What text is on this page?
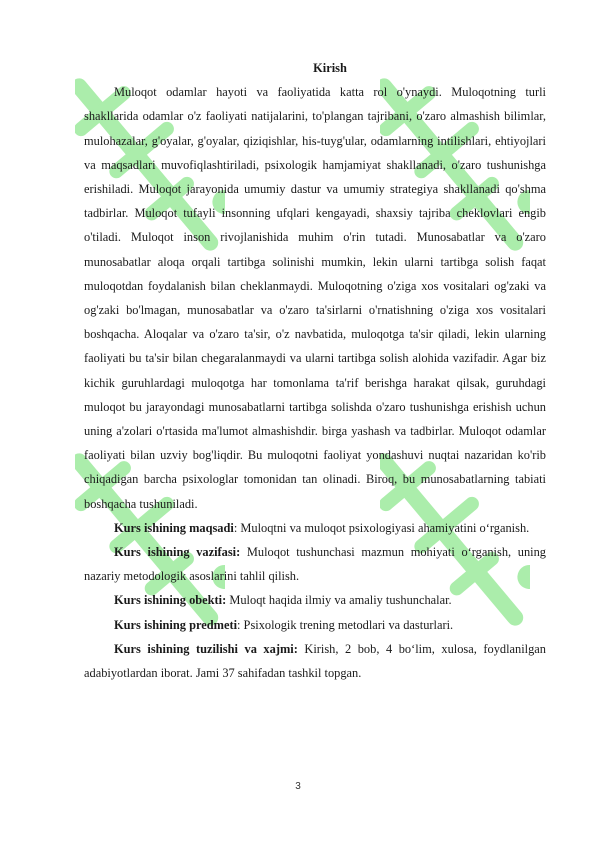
Kirish

Muloqot odamlar hayoti va faoliyatida katta rol o'ynaydi. Muloqotning turli shakllarida odamlar o'z faoliyati natijalarini, to'plangan tajribani, o'zaro almashish bilimlar, mulohazalar, g'oyalar, g'oyalar, qiziqishlar, his-tuyg'ular, odamlarning intilishlari, ehtiyojlari va maqsadlari muvofiqlashtiriladi, psixologik hamjamiyat shakllanadi, o'zaro tushunishga erishiladi. Muloqot jarayonida umumiy dastur va umumiy strategiya shakllanadi qo'shma tadbirlar. Muloqot tufayli insonning ufqlari kengayadi, shaxsiy tajriba cheklovlari engib o'tiladi. Muloqot inson rivojlanishida muhim o'rin tutadi. Munosabatlar va o'zaro munosabatlar aloqa orqali tartibga solinishi mumkin, lekin ularni tartibga solish faqat muloqotdan foydalanish bilan cheklanmaydi. Muloqotning o'ziga xos vositalari og'zaki va og'zaki bo'lmagan, munosabatlar va o'zaro ta'sirlarni o'rnatishning o'ziga xos vositalari boshqacha. Aloqalar va o'zaro ta'sir, o'z navbatida, muloqotga ta'sir qiladi, lekin ularning faoliyati bu ta'sir bilan chegaralanmaydi va ularni tartibga solish alohida vazifadir. Agar biz kichik guruhlardagi muloqotga har tomonlama ta'rif berishga harakat qilsak, guruhdagi muloqot bu jarayondagi munosabatlarni tartibga solishda o'zaro tushunishga erishish uchun uning a'zolari o'rtasida ma'lumot almashishdir. birga yashash va tadbirlar. Muloqot odamlar faoliyati bilan uzviy bog'liqdir. Bu muloqotni faoliyat yondashuvi nuqtai nazaridan ko'rib chiqadigan barcha psixologlar tomonidan tan olinadi. Biroq, bu munosabatlarning tabiati boshqacha tushuniladi.

Kurs ishining maqsadi: Muloqtni va muloqot psixologiyasi ahamiyatini o‘rganish.

Kurs ishining vazifasi: Muloqot tushunchasi mazmun mohiyati o‘rganish, uning nazariy metodologik asoslarini tahlil qilish.

Kurs ishining obekti: Muloqt haqida ilmiy va amaliy tushunchalar.

Kurs ishining predmeti: Psixologik trening metodlari va dasturlari.

Kurs ishining tuzilishi va xajmi: Kirish, 2 bob, 4 bo‘lim, xulosa, foydlanilgan adabiyotlardan iborat. Jami 37 sahifadan tashkil topgan.

3
